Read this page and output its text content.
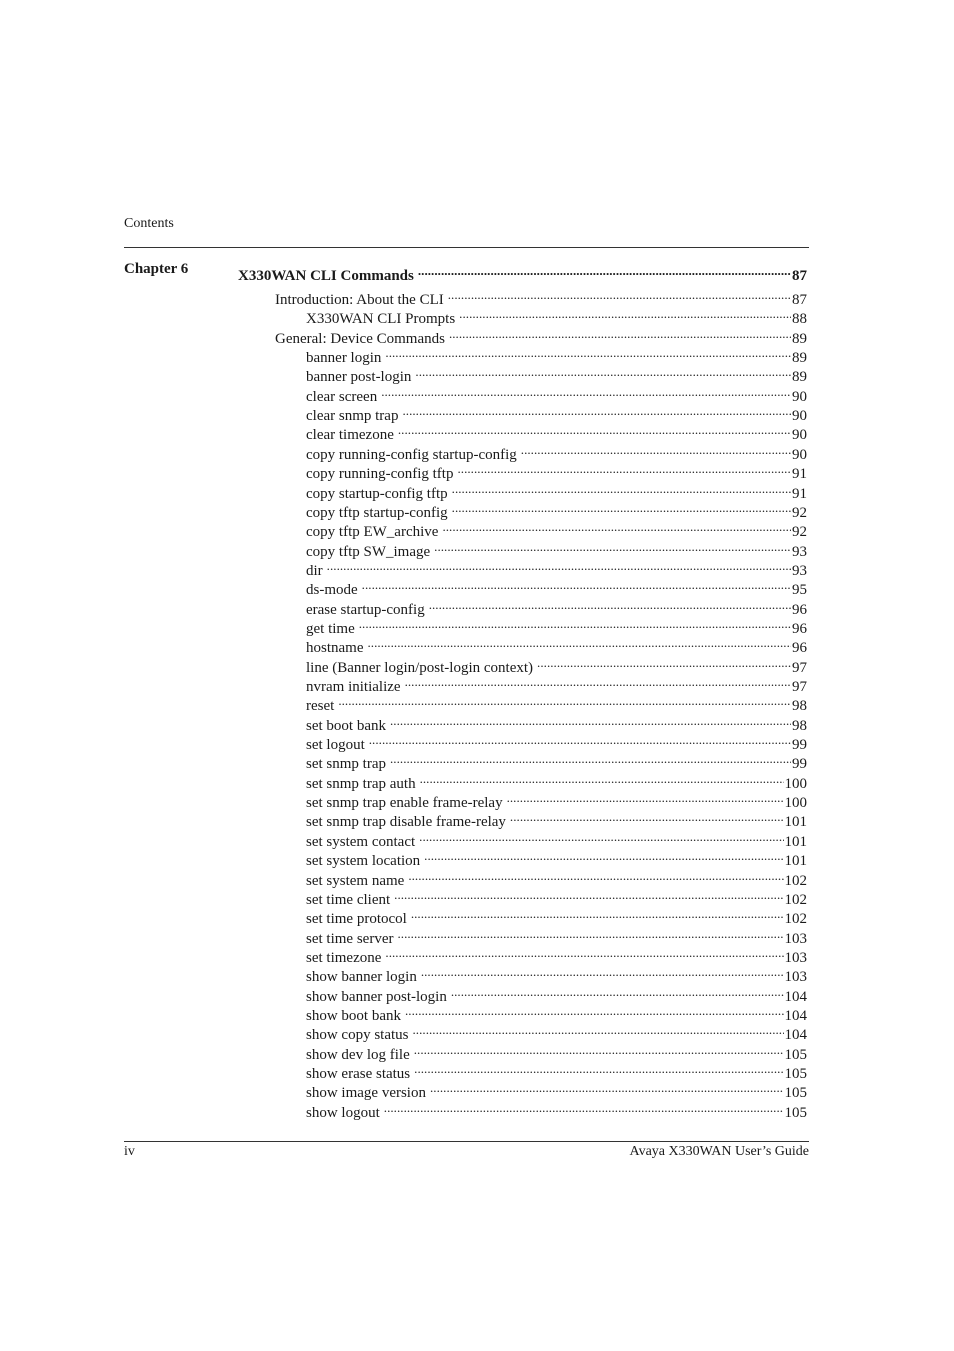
Contents
Chapter 6	X330WAN CLI Commands . . .	87
Introduction: About the CLI . . .	87
X330WAN CLI Prompts . . .	88
General: Device Commands . . .	89
banner login . . .	89
banner post-login . . .	89
clear screen . . .	90
clear snmp trap . . .	90
clear timezone . . .	90
copy running-config startup-config . . .	90
copy running-config tftp . . .	91
copy startup-config tftp . . .	91
copy tftp startup-config . . .	92
copy tftp EW_archive . . .	92
copy tftp SW_image . . .	93
dir . . .	93
ds-mode . . .	95
erase startup-config . . .	96
get time . . .	96
hostname . . .	96
line (Banner login/post-login context) . . .	97
nvram initialize . . .	97
reset . . .	98
set boot bank . . .	98
set logout . . .	99
set snmp trap . . .	99
set snmp trap auth . . .	100
set snmp trap enable frame-relay . . .	100
set snmp trap disable frame-relay . . .	101
set system contact . . .	101
set system location . . .	101
set system name . . .	102
set time client . . .	102
set time protocol . . .	102
set time server . . .	103
set timezone . . .	103
show banner login . . .	103
show banner post-login . . .	104
show boot bank . . .	104
show copy status . . .	104
show dev log file . . .	105
show erase status . . .	105
show image version . . .	105
show logout . . .	105
iv	Avaya X330WAN User’s Guide
